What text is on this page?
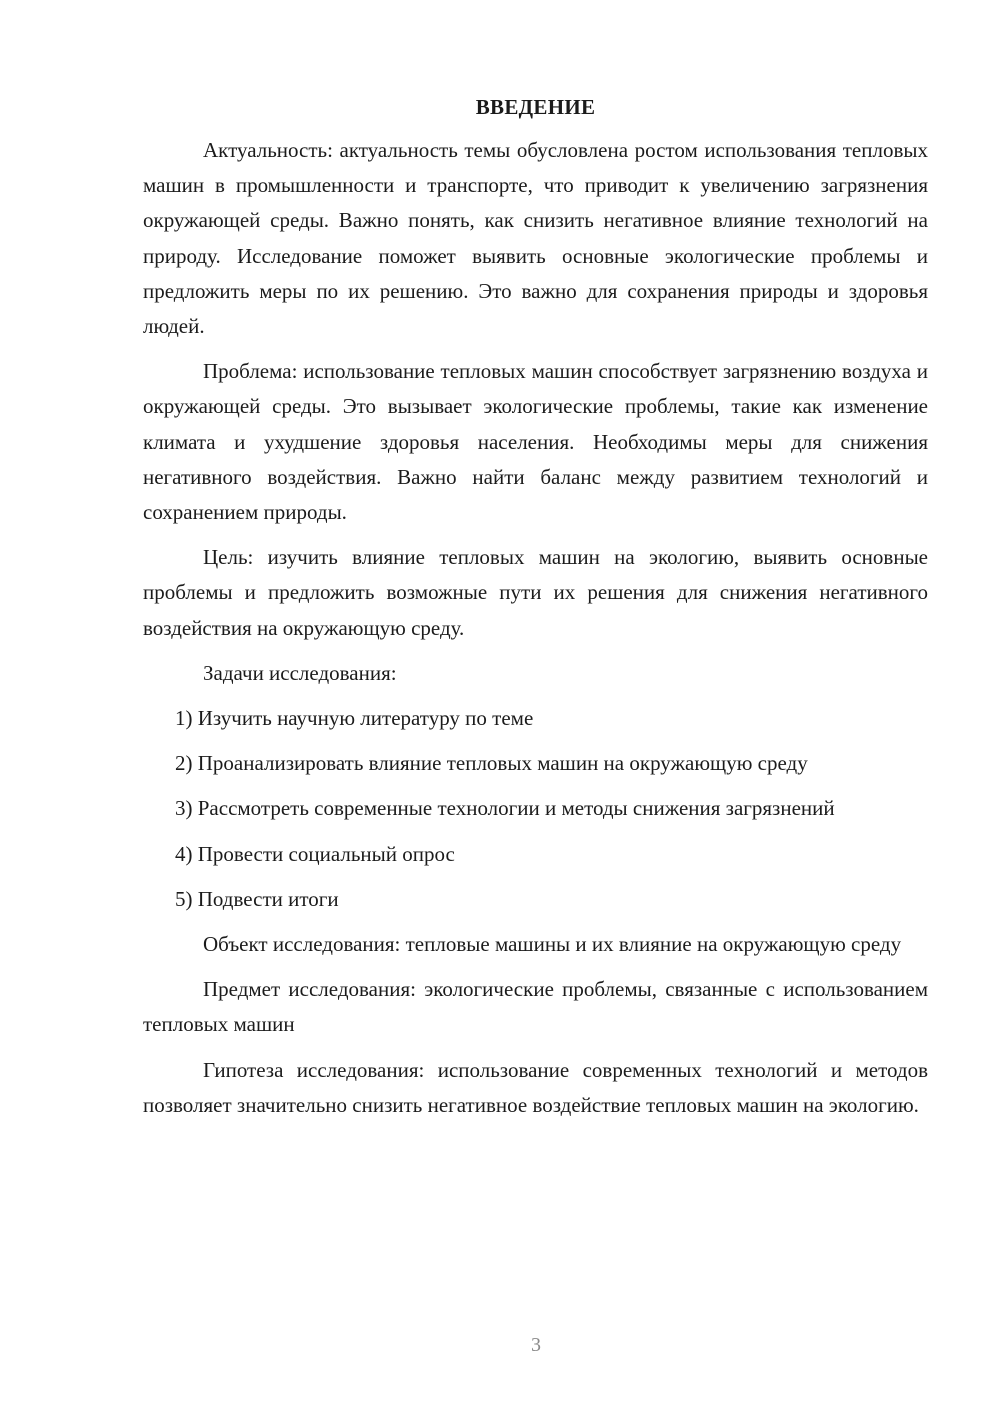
ВВЕДЕНИЕ

Актуальность: актуальность темы обусловлена ростом использования тепловых машин в промышленности и транспорте, что приводит к увеличению загрязнения окружающей среды. Важно понять, как снизить негативное влияние технологий на природу. Исследование поможет выявить основные экологические проблемы и предложить меры по их решению. Это важно для сохранения природы и здоровья людей.

Проблема: использование тепловых машин способствует загрязнению воздуха и окружающей среды. Это вызывает экологические проблемы, такие как изменение климата и ухудшение здоровья населения. Необходимы меры для снижения негативного воздействия. Важно найти баланс между развитием технологий и сохранением природы.

Цель: изучить влияние тепловых машин на экологию, выявить основные проблемы и предложить возможные пути их решения для снижения негативного воздействия на окружающую среду.

Задачи исследования:

1) Изучить научную литературу по теме

2) Проанализировать влияние тепловых машин на окружающую среду

3) Рассмотреть современные технологии и методы снижения загрязнений

4) Провести социальный опрос

5) Подвести итоги

Объект исследования: тепловые машины и их влияние на окружающую среду

Предмет исследования: экологические проблемы, связанные с использованием тепловых машин

Гипотеза исследования: использование современных технологий и методов позволяет значительно снизить негативное воздействие тепловых машин на экологию.

3
